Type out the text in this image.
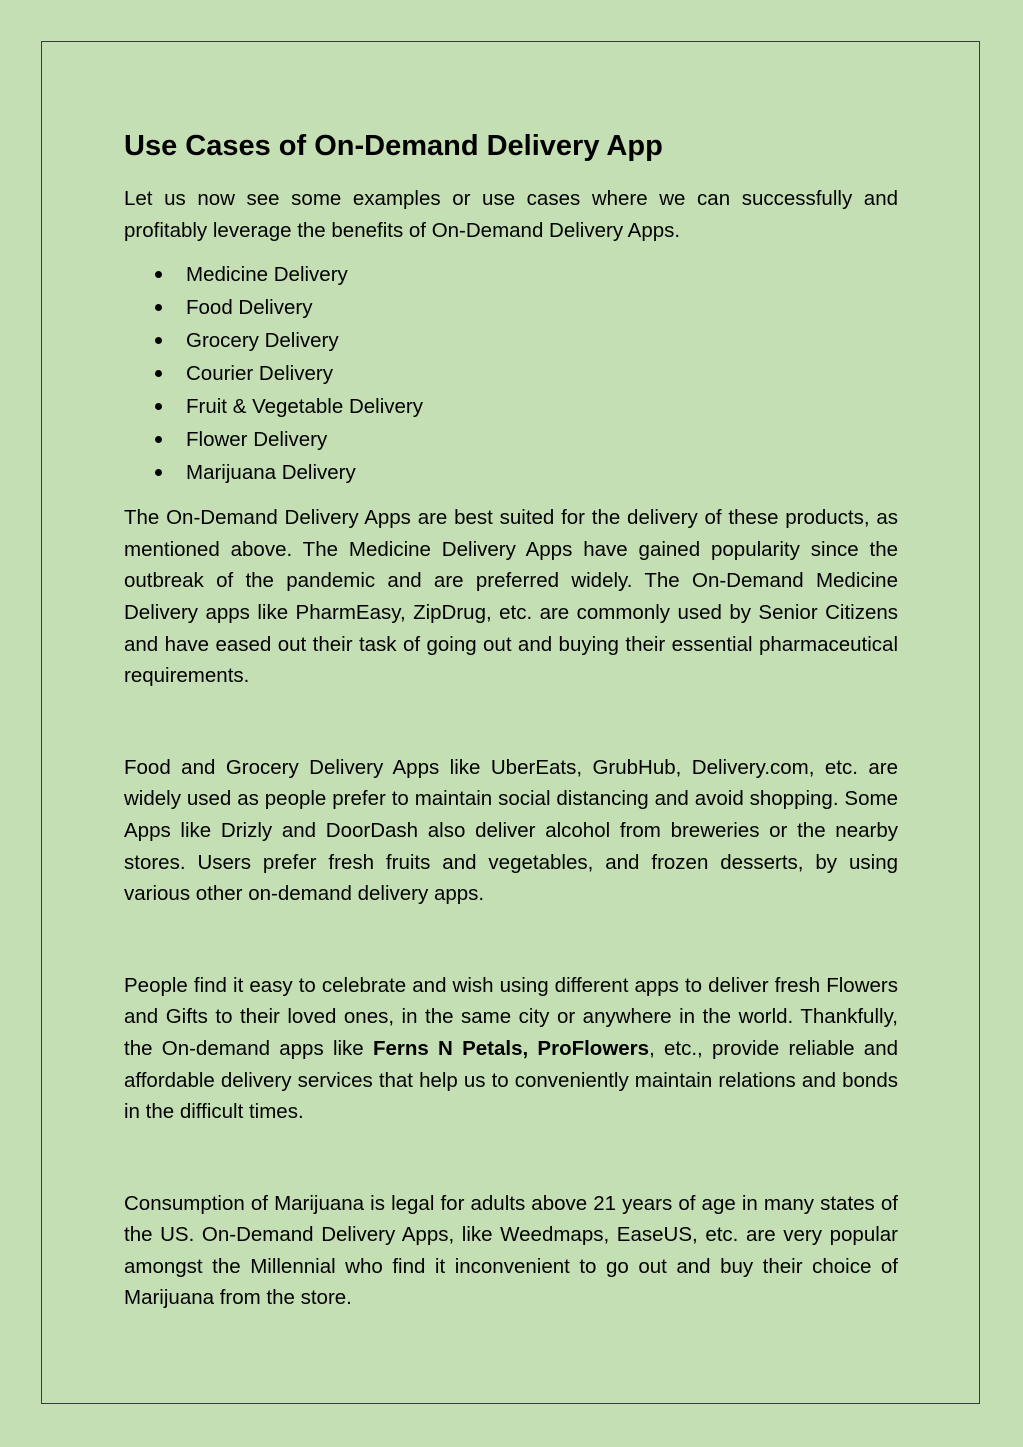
Use Cases of On-Demand Delivery App

Let us now see some examples or use cases where we can successfully and profitably leverage the benefits of On-Demand Delivery Apps.

Medicine Delivery
Food Delivery
Grocery Delivery
Courier Delivery
Fruit & Vegetable Delivery
Flower Delivery
Marijuana Delivery

The On-Demand Delivery Apps are best suited for the delivery of these products, as mentioned above. The Medicine Delivery Apps have gained popularity since the outbreak of the pandemic and are preferred widely. The On-Demand Medicine Delivery apps like PharmEasy, ZipDrug, etc. are commonly used by Senior Citizens and have eased out their task of going out and buying their essential pharmaceutical requirements.

Food and Grocery Delivery Apps like UberEats, GrubHub, Delivery.com, etc. are widely used as people prefer to maintain social distancing and avoid shopping. Some Apps like Drizly and DoorDash also deliver alcohol from breweries or the nearby stores. Users prefer fresh fruits and vegetables, and frozen desserts, by using various other on-demand delivery apps.

People find it easy to celebrate and wish using different apps to deliver fresh Flowers and Gifts to their loved ones, in the same city or anywhere in the world. Thankfully, the On-demand apps like Ferns N Petals, ProFlowers, etc., provide reliable and affordable delivery services that help us to conveniently maintain relations and bonds in the difficult times.

Consumption of Marijuana is legal for adults above 21 years of age in many states of the US. On-Demand Delivery Apps, like Weedmaps, EaseUS, etc. are very popular amongst the Millennial who find it inconvenient to go out and buy their choice of Marijuana from the store.
